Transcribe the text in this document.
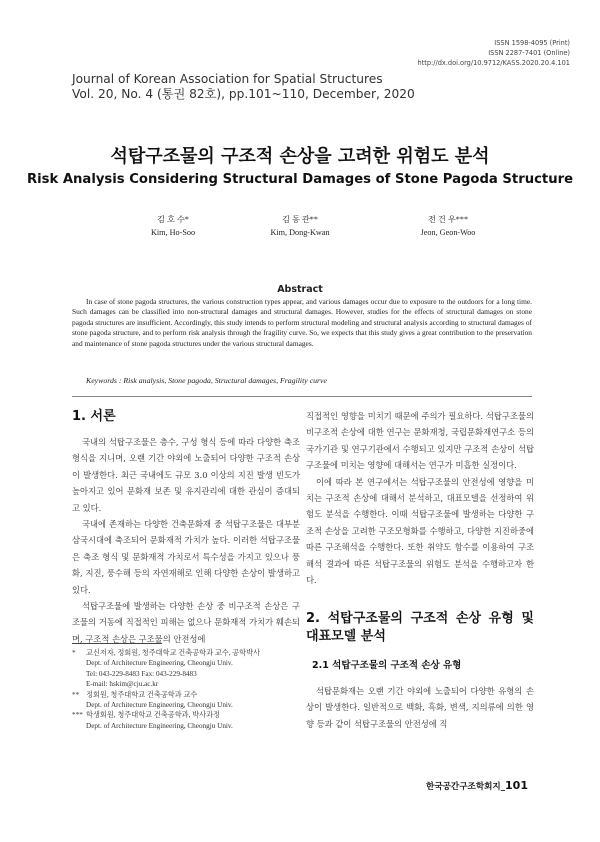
ISSN 1598-4095 (Print)
ISSN 2287-7401 (Online)
http://dx.doi.org/10.9712/KASS.2020.20.4.101
Journal of Korean Association for Spatial Structures
Vol. 20, No. 4 (통권 82호), pp.101~110, December, 2020
석탑구조물의 구조적 손상을 고려한 위험도 분석
Risk Analysis Considering Structural Damages of Stone Pagoda Structure
김 호 수*
Kim, Ho-Soo
김 동 관**
Kim, Dong-Kwan
전 건 우***
Jeon, Geon-Woo
Abstract
In case of stone pagoda structures, the various construction types appear, and various damages occur due to exposure to the outdoors for a long time. Such damages can be classified into non-structural damages and structural damages. However, studies for the effects of structural damages on stone pagoda structures are insufficient. Accordingly, this study intends to perform structural modeling and structural analysis according to structural damages of stone pagoda structure, and to perform risk analysis through the fragility curve. So, we expects that this study gives a great contribution to the preservation and maintenance of stone pagoda structures under the various structural damages.
Keywords : Risk analysis, Stone pagoda, Structural damages, Fragility curve
1. 서론

국내의 석탑구조물은 층수, 구성 형식 등에 따라 다양한 축조 형식을 지니며, 오랜 기간 야외에 노출되어 다양한 구조적 손상이 발생한다. 최근 국내에도 규모 3.0 이상의 지진 발생 빈도가 높아지고 있어 문화재 보존 및 유지관리에 대한 관심이 증대되고 있다.

국내에 존재하는 다양한 건축문화재 중 석탑구조물은 대부분 삼국시대에 축조되어 문화재적 가치가 높다. 이러한 석탑구조물은 축조 형식 및 문화재적 가치로서 특수성을 가지고 있으나 풍화, 지진, 풍수해 등의 자연재해로 인해 다양한 손상이 발생하고 있다.

석탑구조물에 발생하는 다양한 손상 중 비구조적 손상은 구조물의 거동에 직접적인 피해는 없으나 문화재적 가치가 훼손되며, 구조적 손상은 구조물의 안전성에

*	교신저자, 정회원, 청주대학교 건축공학과 교수, 공학박사
Dept. of Architecture Engineering, Cheongju Univ.
Tel: 043-229-8483 Fax: 043-229-8483
E-mail: hskim@cju.ac.kr
** 정회원, 청주대학교 건축공학과 교수
Dept. of Architecture Engineering, Cheongju Univ.
*** 학생회원, 청주대학교 건축공학과, 박사과정
Dept. of Architecture Engineering, Cheongju Univ.

직접적인 영향을 미치기 때문에 주의가 필요하다. 석탑구조물의 비구조적 손상에 대한 연구는 문화재청, 국립문화재연구소 등의 국가기관 및 연구기관에서 수행되고 있지만 구조적 손상이 석탑구조물에 미치는 영향에 대해서는 연구가 미흡한 실정이다.

이에 따라 본 연구에서는 석탑구조물의 안전성에 영향을 미치는 구조적 손상에 대해서 분석하고, 대표모델을 선정하여 위험도 분석을 수행한다. 이때 석탑구조물에 발생하는 다양한 구조적 손상을 고려한 구조모형화를 수행하고, 다양한 지진하중에 따른 구조해석을 수행한다. 또한 취약도 함수를 이용하여 구조해석 결과에 따른 석탑구조물의 위험도 분석을 수행하고자 한다.

2. 석탑구조물의 구조적 손상 유형 및 대표모델 분석
2.1 석탑구조물의 구조적 손상 유형

석탑문화재는 오랜 기간 야외에 노출되어 다양한 유형의 손상이 발생한다. 일반적으로 백화, 흑화, 변색, 지의류에 의한 영향 등과 같이 석탑구조물의 안전성에 직

한국공간구조학회지_101
